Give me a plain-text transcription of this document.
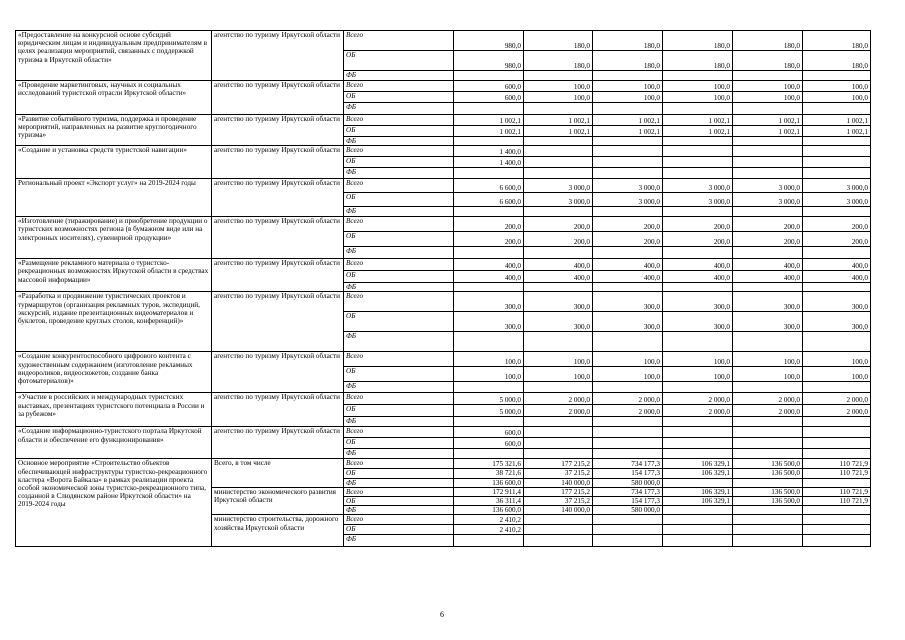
«Предоставление на конкурсной основе субсидий юридическим лицам и индивидуальным предпринимателям в целях реализации мероприятий, связанных с поддержкой туризма в Иркутской области»	агентство по туризму Иркутской области	Всего	980,0	180,0	180,0	180,0	180,0	180,0
		ОБ	980,0	180,0	180,0	180,0	180,0	180,0
		ФБ						
«Проведение маркетинговых, научных и социальных исследований туристской отрасли Иркутской области»	агентство по туризму Иркутской области	Всего	600,0	100,0	100,0	100,0	100,0	100,0
		ОБ	600,0	100,0	100,0	100,0	100,0	100,0
		ФБ						
«Развитие событийного туризма, поддержка и проведение мероприятий, направленных на развитие круглогодичного туризма»	агентство по туризму Иркутской области	Всего	1 002,1	1 002,1	1 002,1	1 002,1	1 002,1	1 002,1
		ОБ	1 002,1	1 002,1	1 002,1	1 002,1	1 002,1	1 002,1
		ФБ						
«Создание и установка средств туристской навигации»	агентство по туризму Иркутской области	Всего	1 400,0					
		ОБ	1 400,0					
		ФБ						
Региональный проект «Экспорт услуг» на 2019-2024 годы	агентство по туризму Иркутской области	Всего	6 600,0	3 000,0	3 000,0	3 000,0	3 000,0	3 000,0
		ОБ	6 600,0	3 000,0	3 000,0	3 000,0	3 000,0	3 000,0
		ФБ						
«Изготовление (тиражирование) и приобретение продукции о туристских возможностях региона (в бумажном виде или на электронных носителях), сувенирной продукции»	агентство по туризму Иркутской области	Всего	200,0	200,0	200,0	200,0	200,0	200,0
		ОБ	200,0	200,0	200,0	200,0	200,0	200,0
		ФБ						
«Размещение рекламного материала о туристско-рекреационных возможностях Иркутской области в средствах массовой информации»	агентство по туризму Иркутской области	Всего	400,0	400,0	400,0	400,0	400,0	400,0
		ОБ	400,0	400,0	400,0	400,0	400,0	400,0
		ФБ						
«Разработка и продвижение туристических проектов и турмаршрутов (организация рекламных туров, экспедиций, экскурсий, издание презентационных видеоматериалов и буклетов, проведение круглых столов, конференций)»	агентство по туризму Иркутской области	Всего	300,0	300,0	300,0	300,0	300,0	300,0
		ОБ	300,0	300,0	300,0	300,0	300,0	300,0
		ФБ						
«Создание конкурентоспособного цифрового контента с художественным содержанием (изготовление рекламных видеороликов, видеосюжетов, создание банка фотоматериалов)»	агентство по туризму Иркутской области	Всего	100,0	100,0	100,0	100,0	100,0	100,0
		ОБ	100,0	100,0	100,0	100,0	100,0	100,0
		ФБ						
«Участие в российских и международных туристских выставках, презентациях туристского потенциала в России и за рубежом»	агентство по туризму Иркутской области	Всего	5 000,0	2 000,0	2 000,0	2 000,0	2 000,0	2 000,0
		ОБ	5 000,0	2 000,0	2 000,0	2 000,0	2 000,0	2 000,0
		ФБ						
«Создание информационно-туристского портала Иркутской области и обеспечение его функционирования»	агентство по туризму Иркутской области	Всего	600,0					
		ОБ	600,0					
		ФБ						
Основное мероприятие «Строительство объектов обеспечивающей инфраструктуры туристско-рекреационного кластера «Ворота Байкала» в рамках реализации проекта особой экономической зоны туристско-рекреационного типа, созданной в Слюдянском районе Иркутской области» на 2019-2024 годы	Всего, в том числе	Всего	175 321,6	177 215,2	734 177,3	106 329,1	136 500,0	110 721,9
		ОБ	38 721,6	37 215,2	154 177,3	106 329,1	136 500,0	110 721,9
		ФБ	136 600,0	140 000,0	580 000,0			
	министерство экономического развития Иркутской области	Всего	172 911,4	177 215,2	734 177,3	106 329,1	136 500,0	110 721,9
		ОБ	36 311,4	37 215,2	154 177,3	106 329,1	136 500,0	110 721,9
		ФБ	136 600,0	140 000,0	580 000,0			
	министерство строительства, дорожного хозяйства Иркутской области	Всего	2 410,2					
		ОБ	2 410,2					
		ФБ						
6
